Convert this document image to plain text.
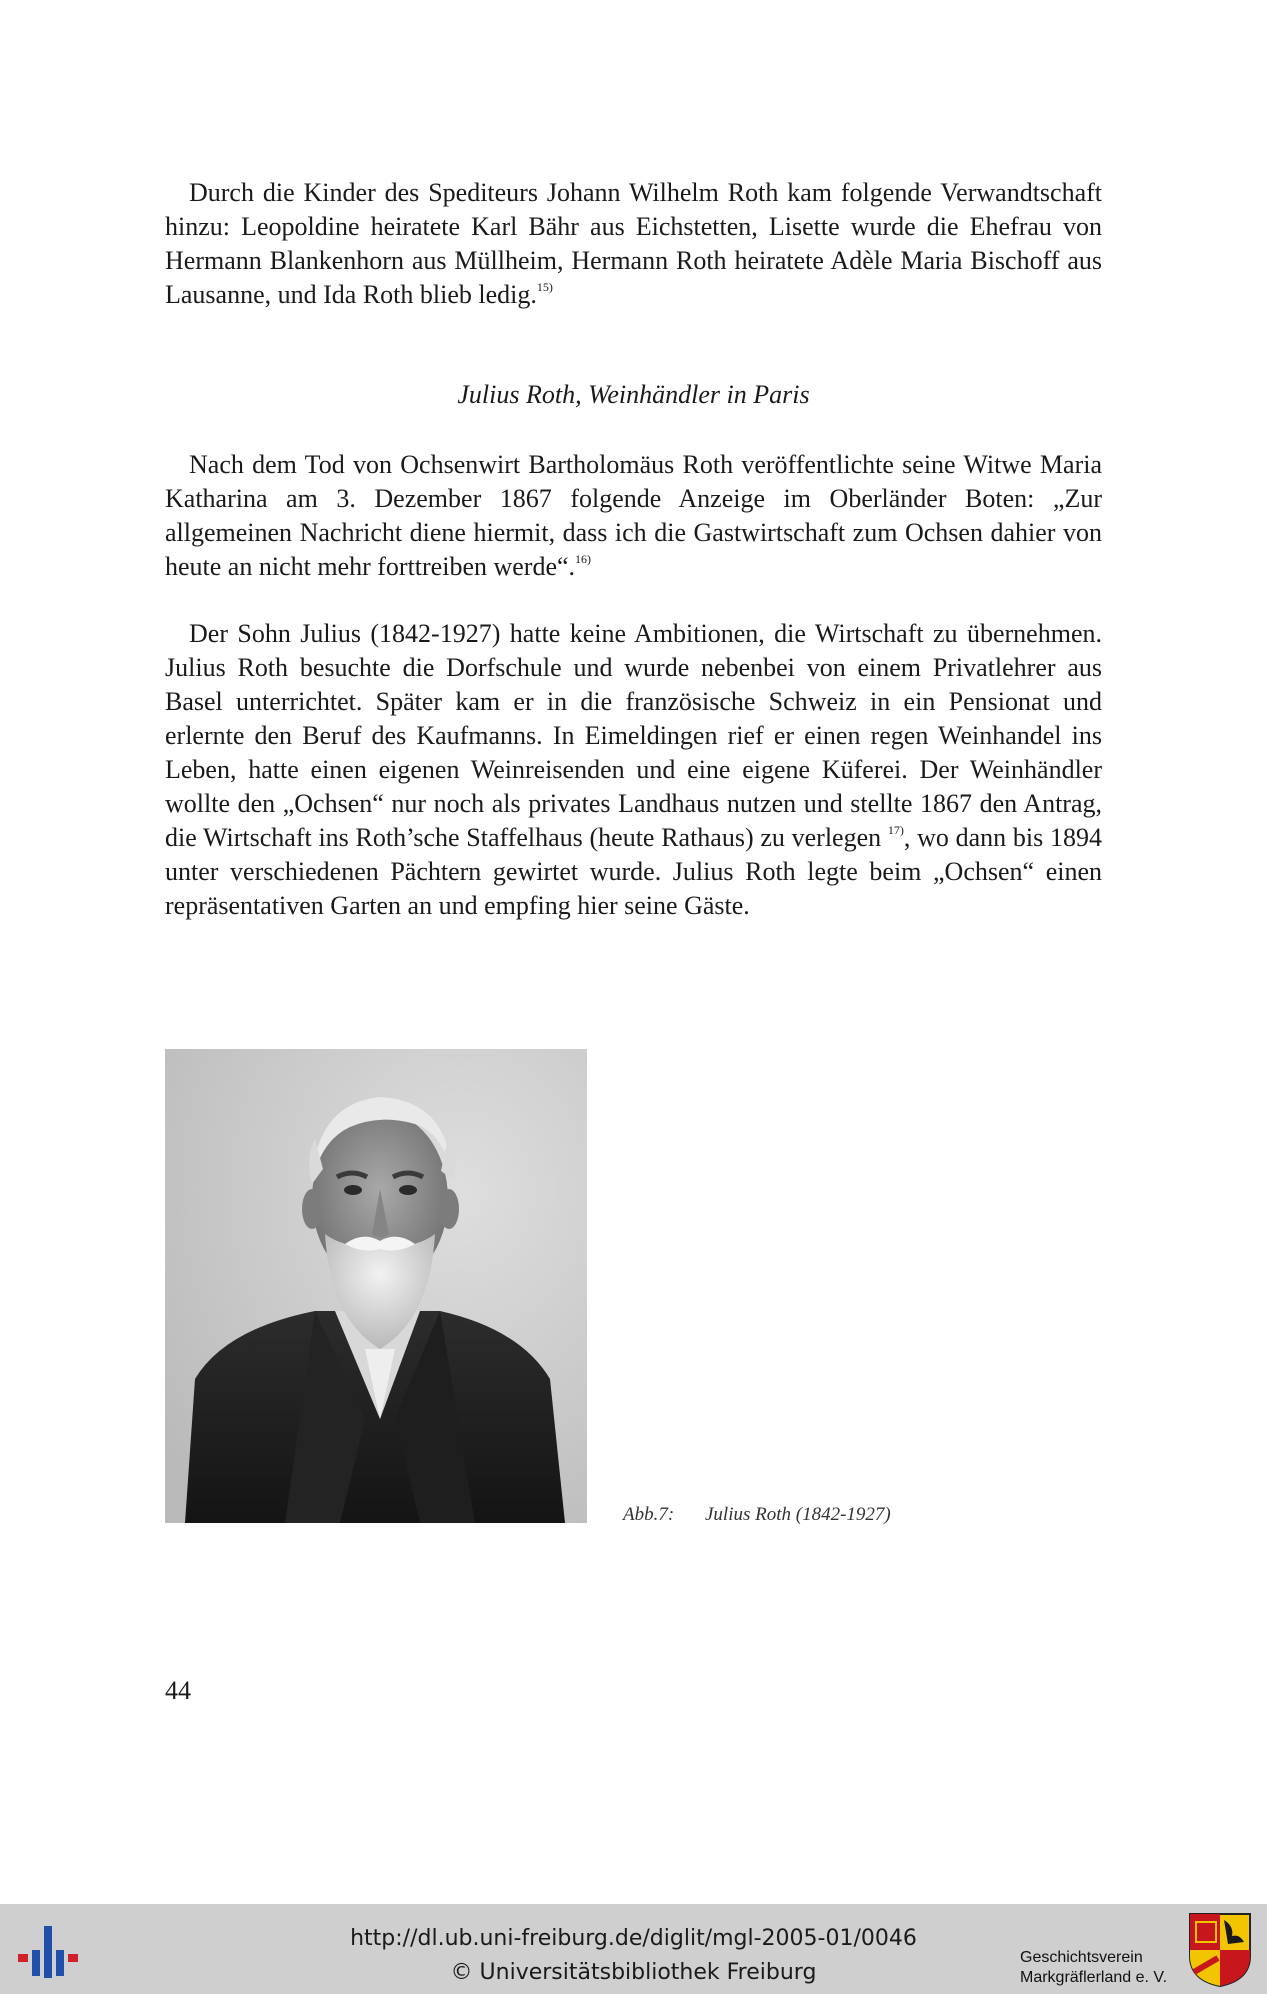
Durch die Kinder des Spediteurs Johann Wilhelm Roth kam folgende Verwandtschaft hinzu: Leopoldine heiratete Karl Bähr aus Eichstetten, Lisette wurde die Ehefrau von Hermann Blankenhorn aus Müllheim, Hermann Roth heiratete Adèle Maria Bischoff aus Lausanne, und Ida Roth blieb ledig.$^{15)}$

Julius Roth, Weinhändler in Paris

Nach dem Tod von Ochsenwirt Bartholomäus Roth veröffentlichte seine Witwe Maria Katharina am 3. Dezember 1867 folgende Anzeige im Oberländer Boten: „Zur allgemeinen Nachricht diene hiermit, dass ich die Gastwirtschaft zum Ochsen dahier von heute an nicht mehr forttreiben werde“.$^{16)}$

Der Sohn Julius (1842-1927) hatte keine Ambitionen, die Wirtschaft zu übernehmen. Julius Roth besuchte die Dorfschule und wurde nebenbei von einem Privatlehrer aus Basel unterrichtet. Später kam er in die französische Schweiz in ein Pensionat und erlernte den Beruf des Kaufmanns. In Eimeldingen rief er einen regen Weinhandel ins Leben, hatte einen eigenen Weinreisenden und eine eigene Küferei. Der Weinhändler wollte den „Ochsen“ nur noch als privates Landhaus nutzen und stellte 1867 den Antrag, die Wirtschaft ins Roth’sche Staffelhaus (heute Rathaus) zu verlegen $^{17)}$, wo dann bis 1894 unter verschiedenen Pächtern gewirtet wurde. Julius Roth legte beim „Ochsen“ einen repräsentativen Garten an und empfing hier seine Gäste.

Abb.7: Julius Roth (1842-1927)
44
http://dl.ub.uni-freiburg.de/diglit/mgl-2005-01/0046
© Universitätsbibliothek Freiburg
Geschichtsverein
Markgräflerland e. V.
